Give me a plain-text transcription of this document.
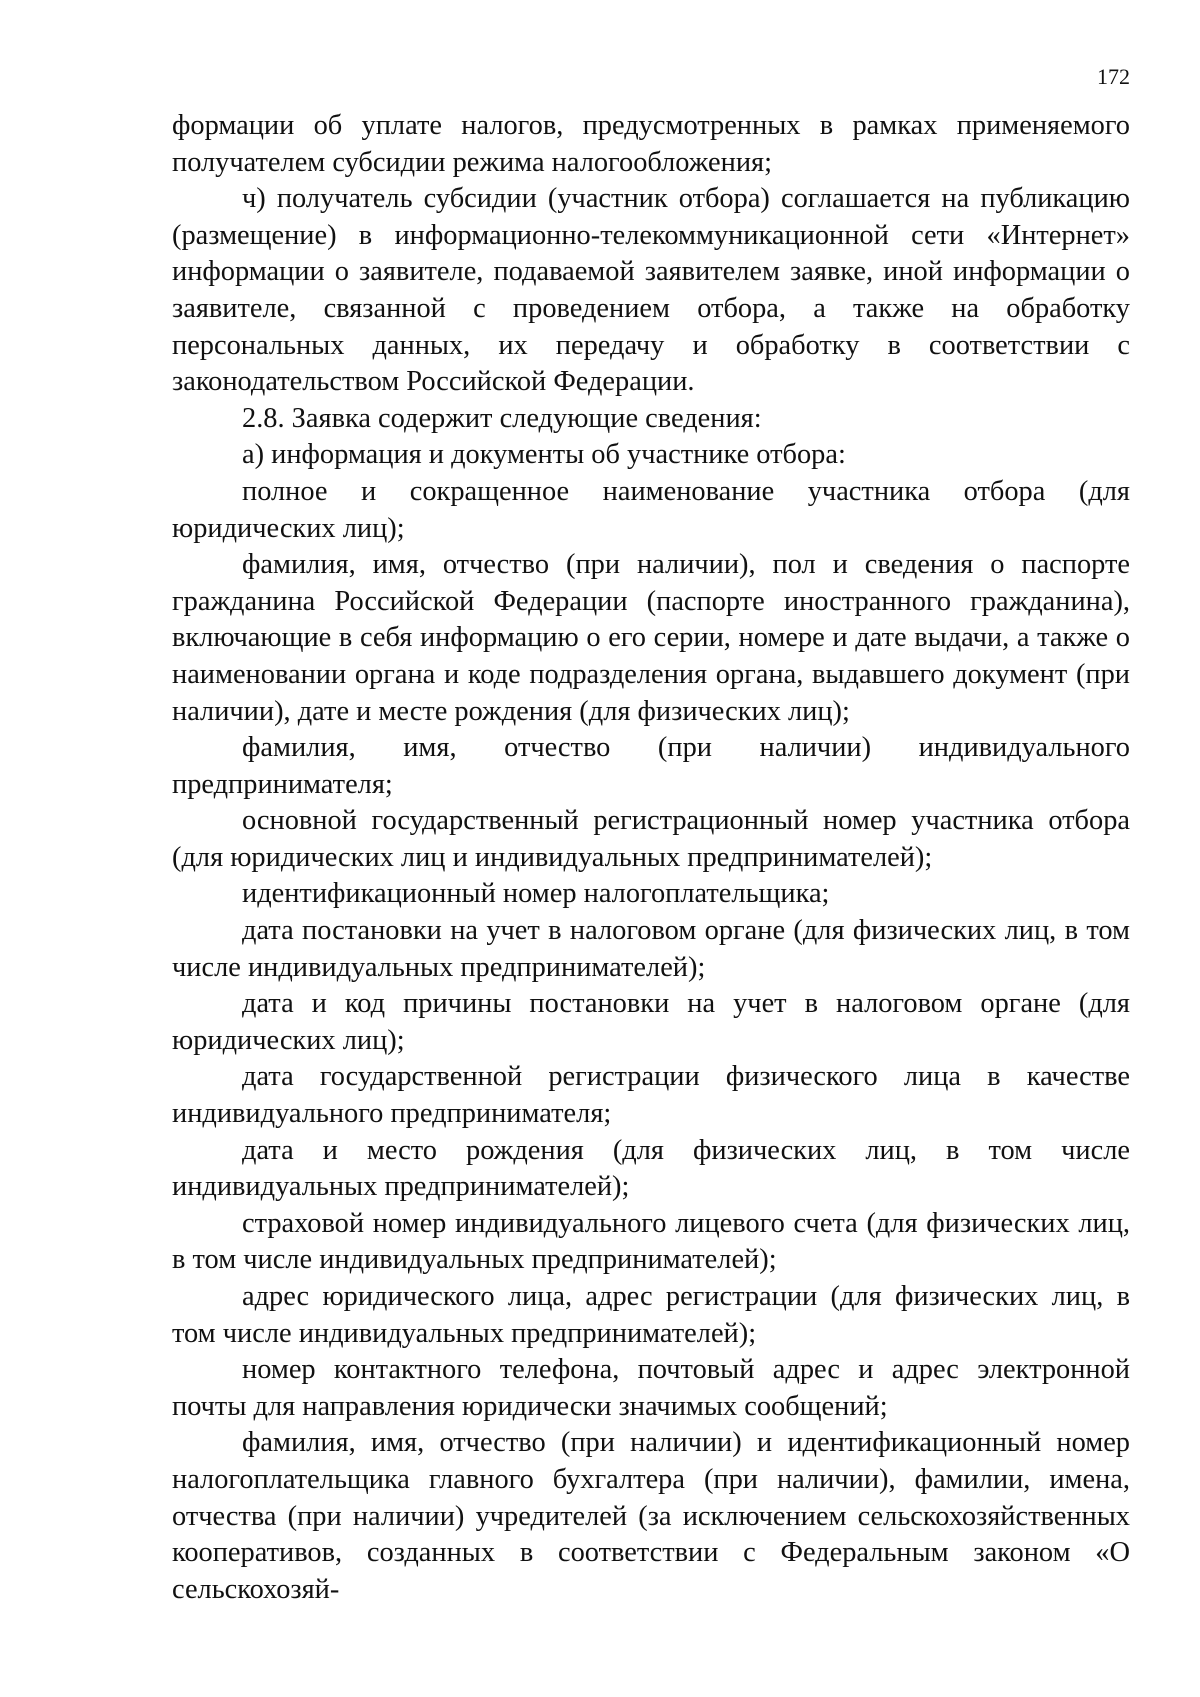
172

формации об уплате налогов, предусмотренных в рамках применяемого получателем субсидии режима налогообложения;

ч) получатель субсидии (участник отбора) соглашается на публикацию (размещение) в информационно-телекоммуникационной сети «Интернет» информации о заявителе, подаваемой заявителем заявке, иной информации о заявителе, связанной с проведением отбора, а также на обработку персональных данных, их передачу и обработку в соответствии с законодательством Российской Федерации.

2.8. Заявка содержит следующие сведения:

а) информация и документы об участнике отбора:

полное и сокращенное наименование участника отбора (для юридических лиц);

фамилия, имя, отчество (при наличии), пол и сведения о паспорте гражданина Российской Федерации (паспорте иностранного гражданина), включающие в себя информацию о его серии, номере и дате выдачи, а также о наименовании органа и коде подразделения органа, выдавшего документ (при наличии), дате и месте рождения (для физических лиц);

фамилия, имя, отчество (при наличии) индивидуального предпринимателя;

основной государственный регистрационный номер участника отбора (для юридических лиц и индивидуальных предпринимателей);

идентификационный номер налогоплательщика;

дата постановки на учет в налоговом органе (для физических лиц, в том числе индивидуальных предпринимателей);

дата и код причины постановки на учет в налоговом органе (для юридических лиц);

дата государственной регистрации физического лица в качестве индивидуального предпринимателя;

дата и место рождения (для физических лиц, в том числе индивидуальных предпринимателей);

страховой номер индивидуального лицевого счета (для физических лиц, в том числе индивидуальных предпринимателей);

адрес юридического лица, адрес регистрации (для физических лиц, в том числе индивидуальных предпринимателей);

номер контактного телефона, почтовый адрес и адрес электронной почты для направления юридически значимых сообщений;

фамилия, имя, отчество (при наличии) и идентификационный номер налогоплательщика главного бухгалтера (при наличии), фамилии, имена, отчества (при наличии) учредителей (за исключением сельскохозяйственных кооперативов, созданных в соответствии с Федеральным законом «О сельскохозяй-
